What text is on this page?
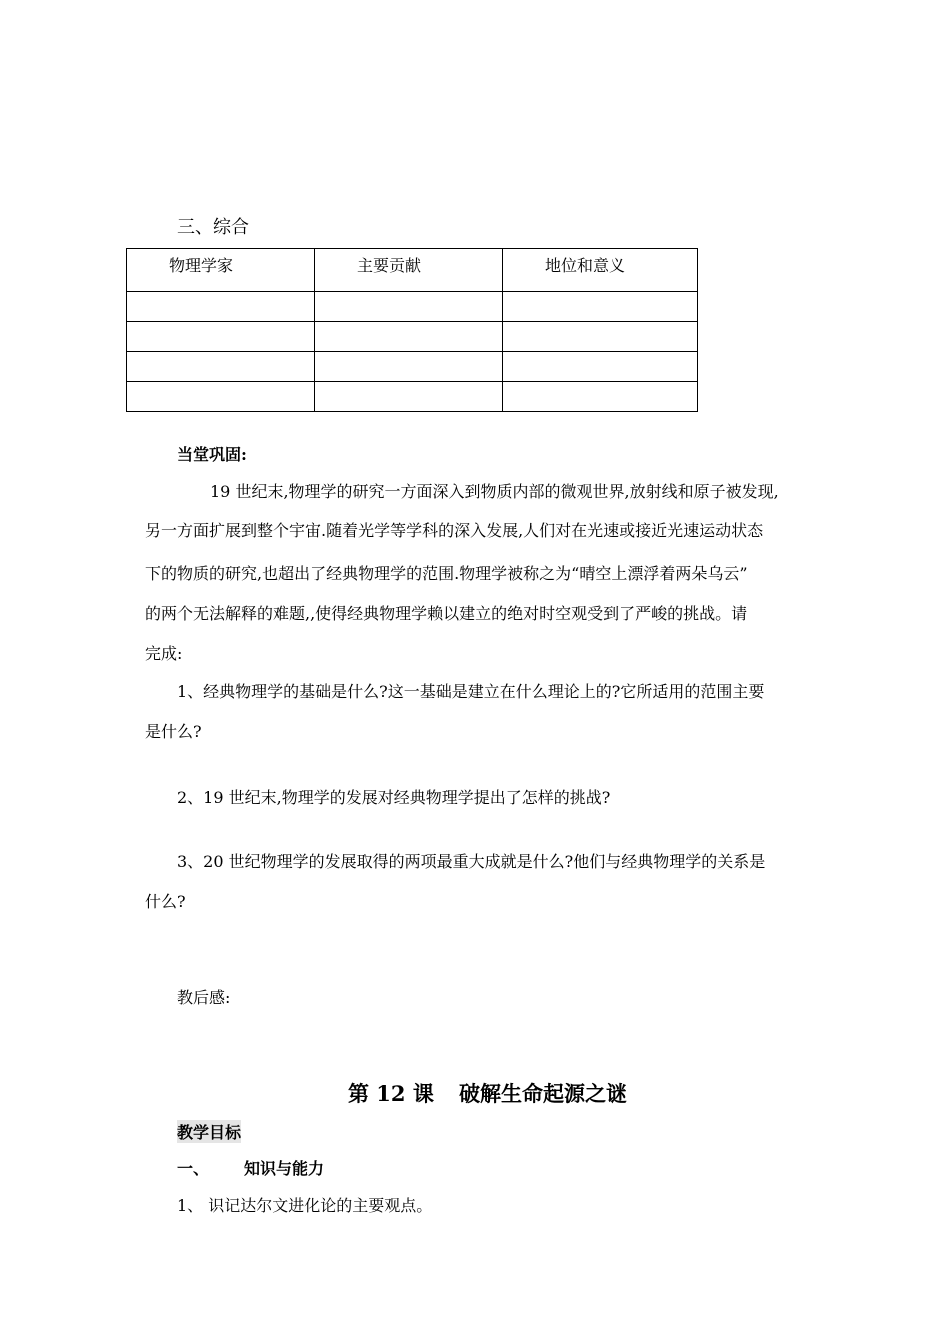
三、综合
物理学家	主要贡献	地位和意义

当堂巩固:
19 世纪末,物理学的研究一方面深入到物质内部的微观世界,放射线和原子被发现,
另一方面扩展到整个宇宙.随着光学等学科的深入发展,人们对在光速或接近光速运动状态
下的物质的研究,也超出了经典物理学的范围.物理学被称之为“晴空上漂浮着两朵乌云”
的两个无法解释的难题,,使得经典物理学赖以建立的绝对时空观受到了严峻的挑战。请
完成:
1、经典物理学的基础是什么?这一基础是建立在什么理论上的?它所适用的范围主要
是什么?
2、19 世纪末,物理学的发展对经典物理学提出了怎样的挑战?
3、20 世纪物理学的发展取得的两项最重大成就是什么?他们与经典物理学的关系是
什么?
教后感:
第 12 课 破解生命起源之谜
教学目标
一、 知识与能力
1、 识记达尔文进化论的主要观点。
